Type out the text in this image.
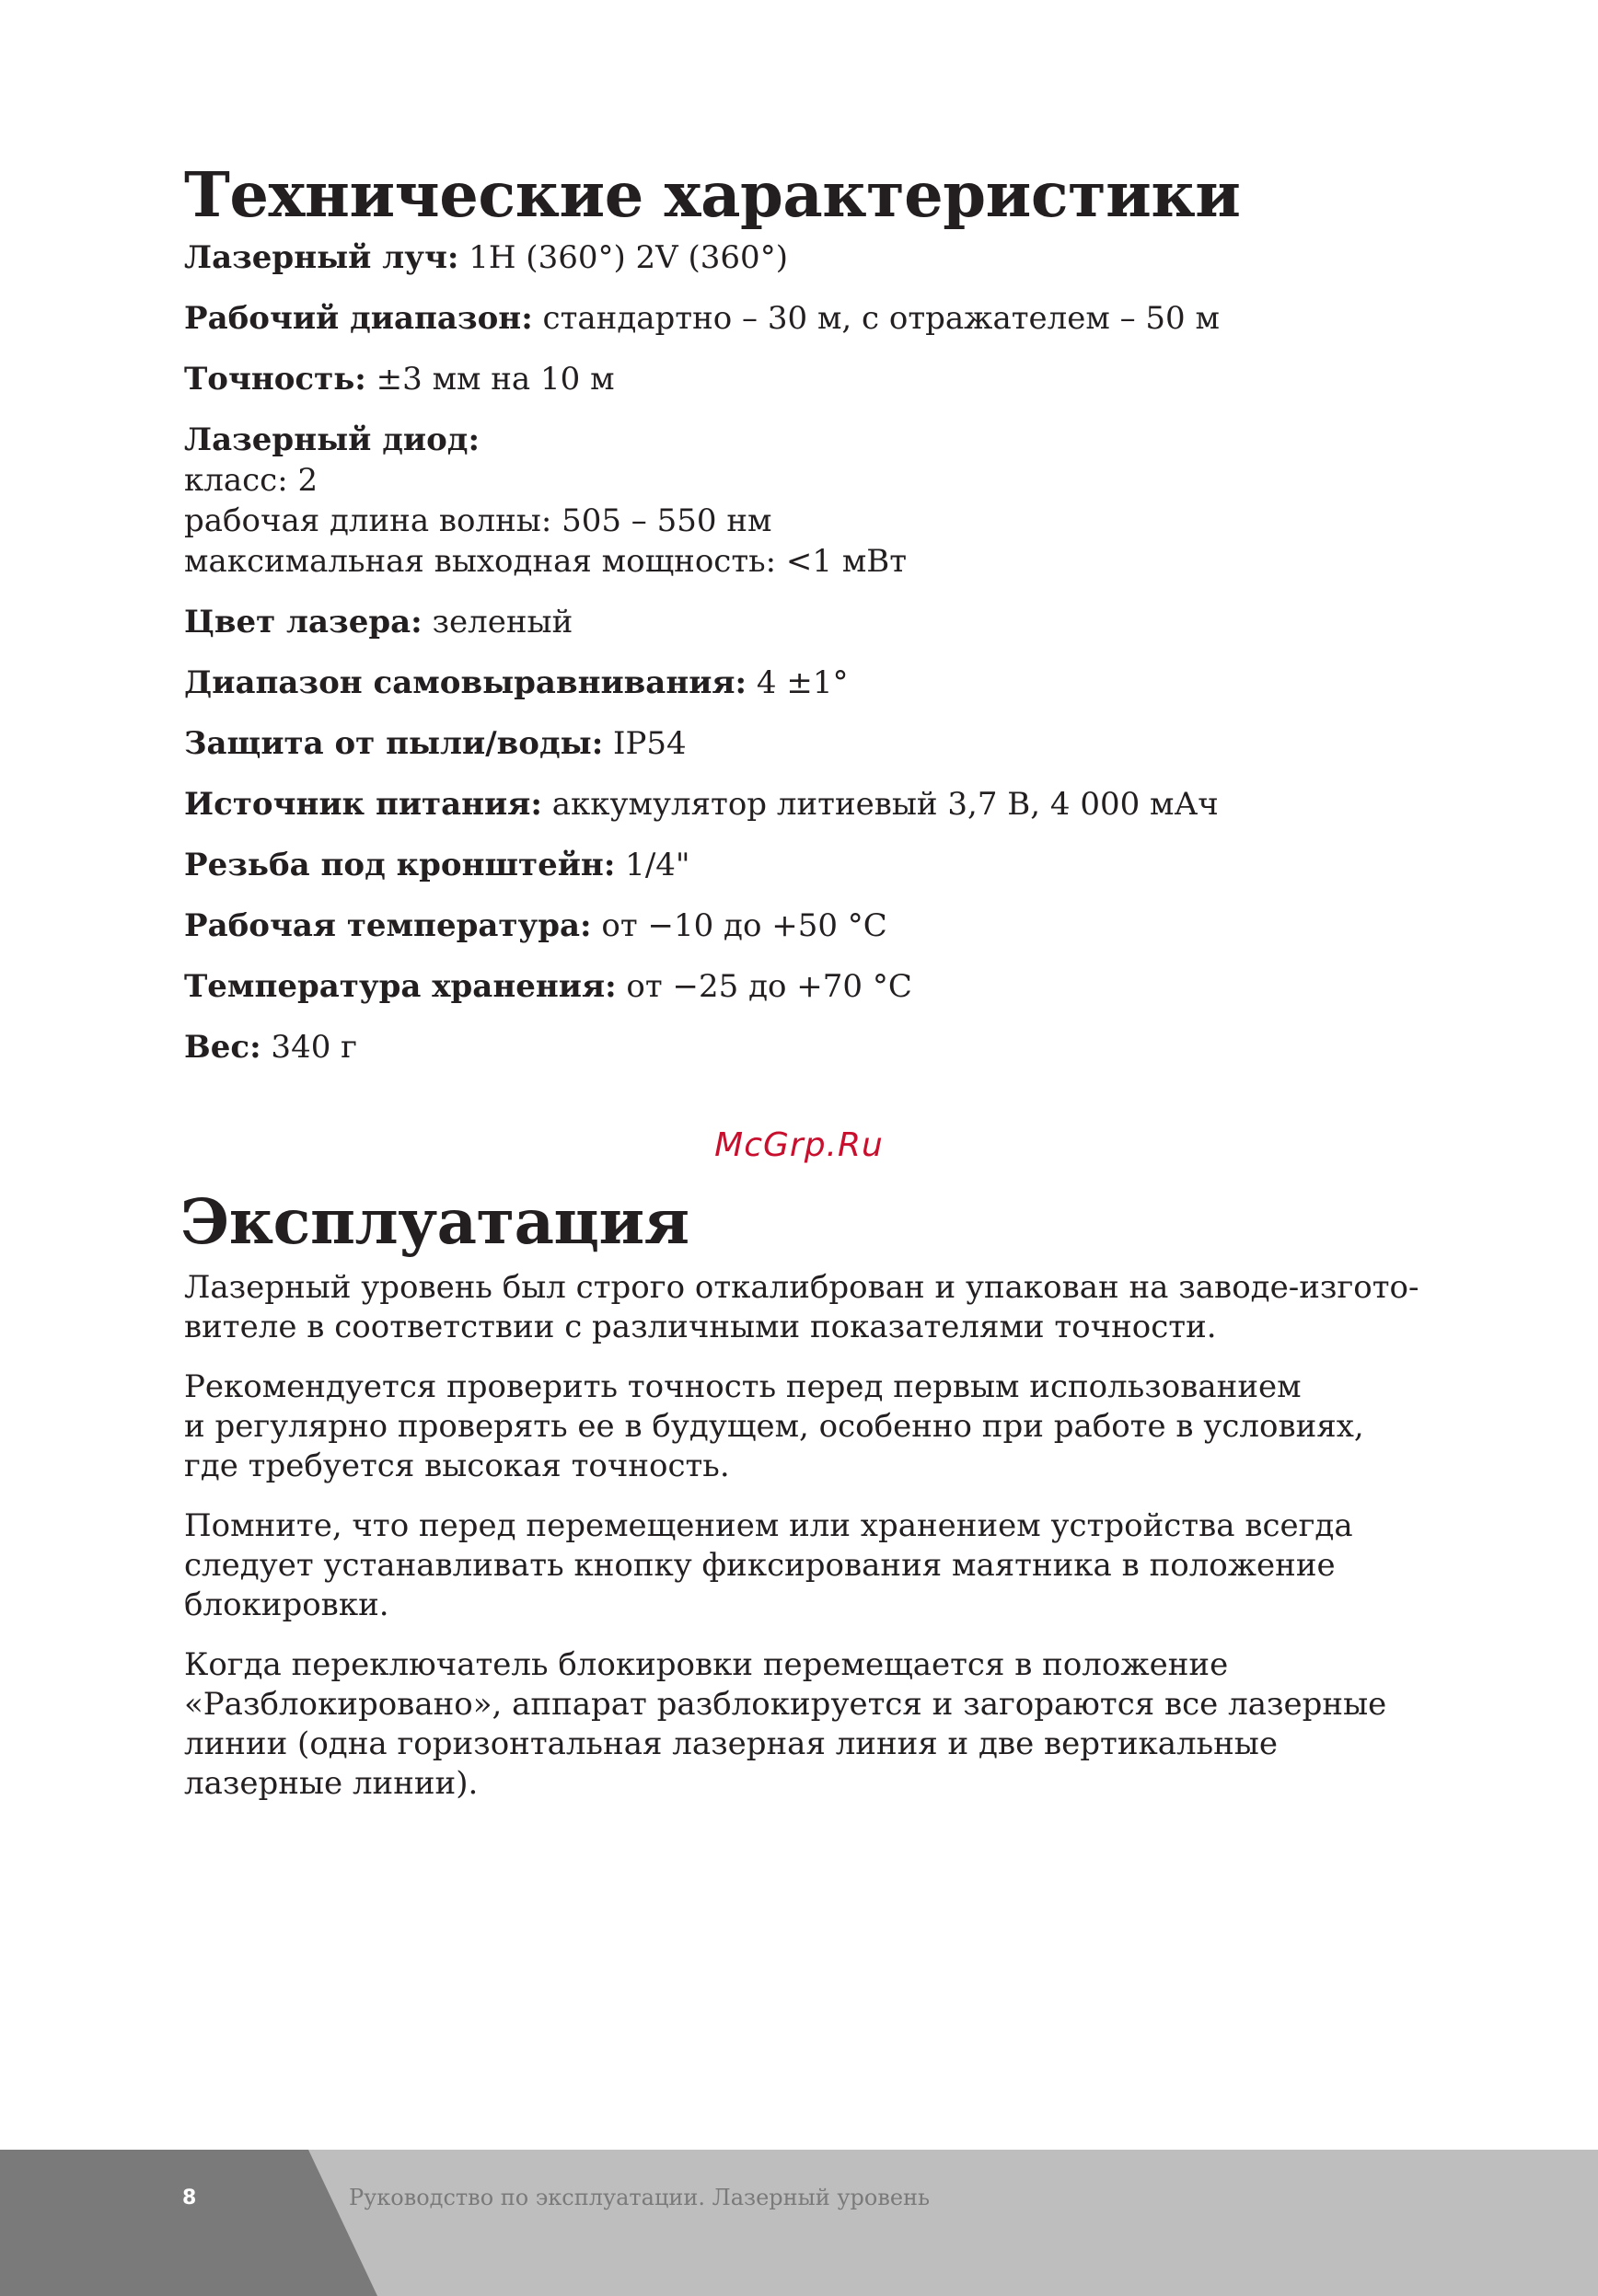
Технические характеристики

Лазерный луч: 1H (360°) 2V (360°)

Рабочий диапазон: стандартно – 30 м, с отражателем – 50 м

Точность: ±3 мм на 10 м

Лазерный диод:
класс: 2
рабочая длина волны: 505 – 550 нм
максимальная выходная мощность: <1 мВт

Цвет лазера: зеленый

Диапазон самовыравнивания: 4 ±1°

Защита от пыли/воды: IP54

Источник питания: аккумулятор литиевый 3,7 В, 4 000 мАч

Резьба под кронштейн: 1/4"

Рабочая температура: от −10 до +50 °С

Температура хранения: от −25 до +70 °С

Вес: 340 г

McGrp.Ru
Эксплуатация

Лазерный уровень был строго откалиброван и упакован на заводе-изгото-
вителе в соответствии с различными показателями точности.

Рекомендуется проверить точность перед первым использованием
и регулярно проверять ее в будущем, особенно при работе в условиях,
где требуется высокая точность.

Помните, что перед перемещением или хранением устройства всегда
следует устанавливать кнопку фиксирования маятника в положение
блокировки.

Когда переключатель блокировки перемещается в положение
«Разблокировано», аппарат разблокируется и загораются все лазерные
линии (одна горизонтальная лазерная линия и две вертикальные
лазерные линии).

8	Руководство по эксплуатации. Лазерный уровень
